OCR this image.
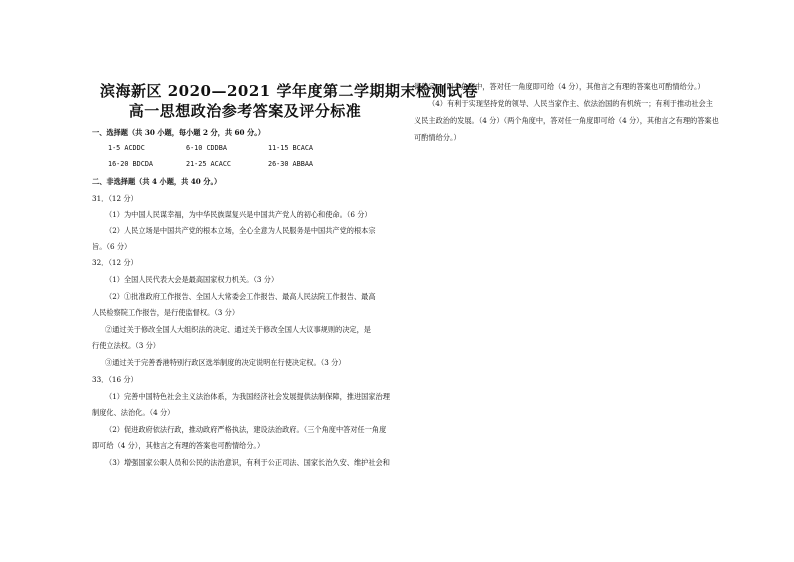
滨海新区 2020—2021 学年度第二学期期末检测试卷
高一思想政治参考答案及评分标准
一、选择题（共 30 小题，每小题 2 分，共 60 分。）
1-5 ACDDC	6-10 CDDBA	11-15 BCACA
16-20 BDCDA	21-25 ACACC	26-30 ABBAA
二、非选择题（共 4 小题，共 40 分。）
31．（12 分）
（1）为中国人民谋幸福，为中华民族谋复兴是中国共产党人的初心和使命。（6 分）
（2）人民立场是中国共产党的根本立场，全心全意为人民服务是中国共产党的根本宗
旨。（6 分）
32．（12 分）
（1）全国人民代表大会是最高国家权力机关。（3 分）
（2）①批准政府工作报告、全国人大常委会工作报告、最高人民法院工作报告、最高
人民检察院工作报告，是行使监督权。（3 分）
②通过关于修改全国人大组织法的决定、通过关于修改全国人大议事规则的决定，是
行使立法权。（3 分）
③通过关于完善香港特别行政区选举制度的决定说明在行使决定权。（3 分）
33．（16 分）
（1）完善中国特色社会主义法治体系，为我国经济社会发展提供法制保障，推进国家治理
制度化、法治化。（4 分）
（2）促进政府依法行政，推动政府严格执法，建设法治政府。（三个角度中答对任一角度
即可给（4 分），其他言之有理的答案也可酌情给分。）
（3）增强国家公职人员和公民的法治意识，有利于公正司法、国家长治久安、维护社会和
谐稳定。（四个角度中，答对任一角度即可给（4 分），其他言之有理的答案也可酌情给分。）
（4）有利于实现坚持党的领导、人民当家作主、依法治国的有机统一；有利于推动社会主
义民主政治的发展。（4 分）（两个角度中，答对任一角度即可给（4 分），其他言之有理的答案也
可酌情给分。）
